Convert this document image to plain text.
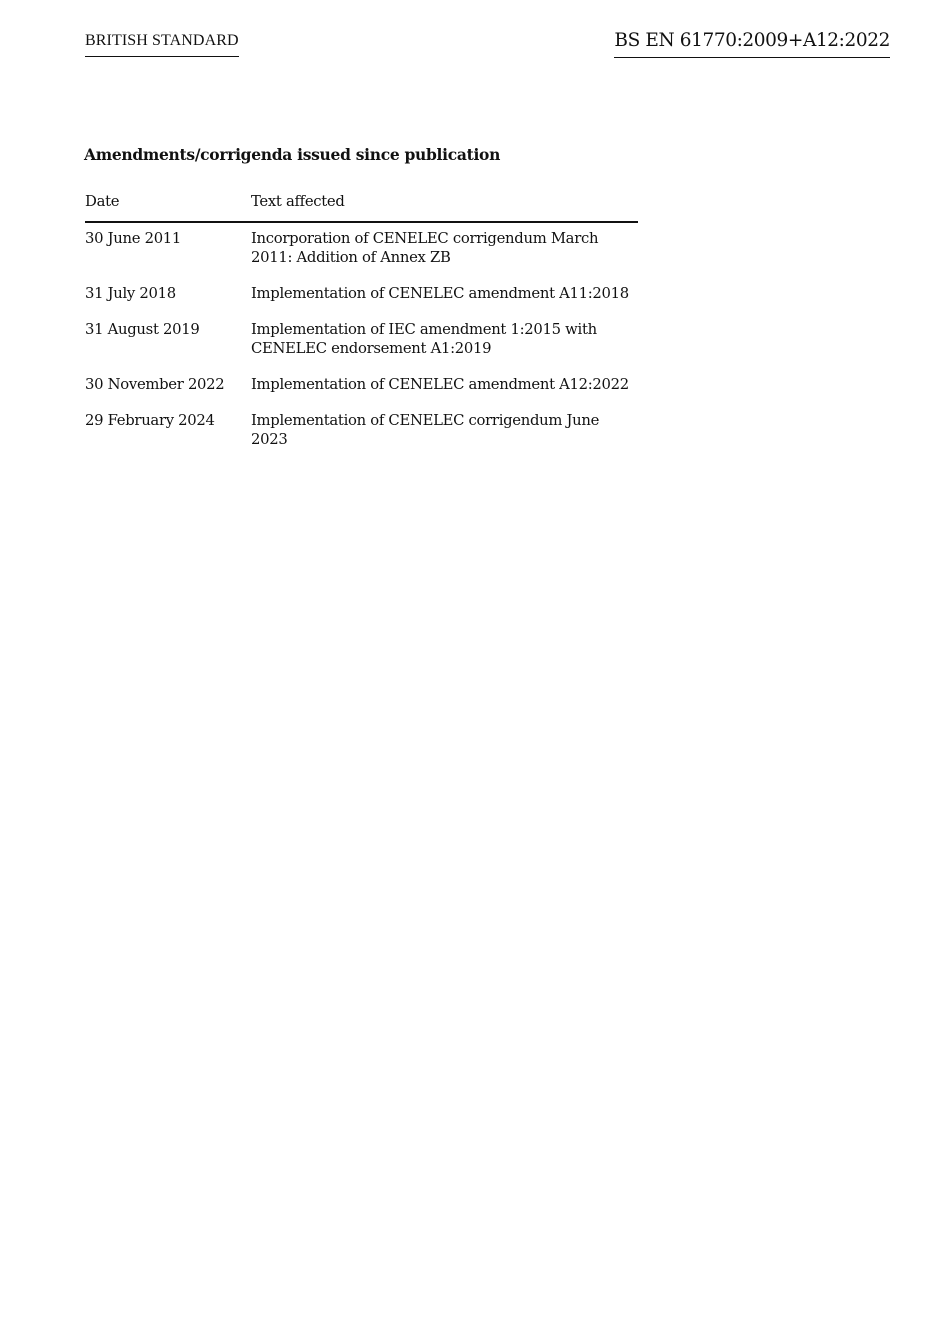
BRITISH STANDARD	BS EN 61770:2009+A12:2022
Amendments/corrigenda issued since publication
Date	Text affected
30 June 2011	Incorporation of CENELEC corrigendum March 2011: Addition of Annex ZB
31 July 2018	Implementation of CENELEC amendment A11:2018
31 August 2019	Implementation of IEC amendment 1:2015 with CENELEC endorsement A1:2019
30 November 2022	Implementation of CENELEC amendment A12:2022
29 February 2024	Implementation of CENELEC corrigendum June 2023
